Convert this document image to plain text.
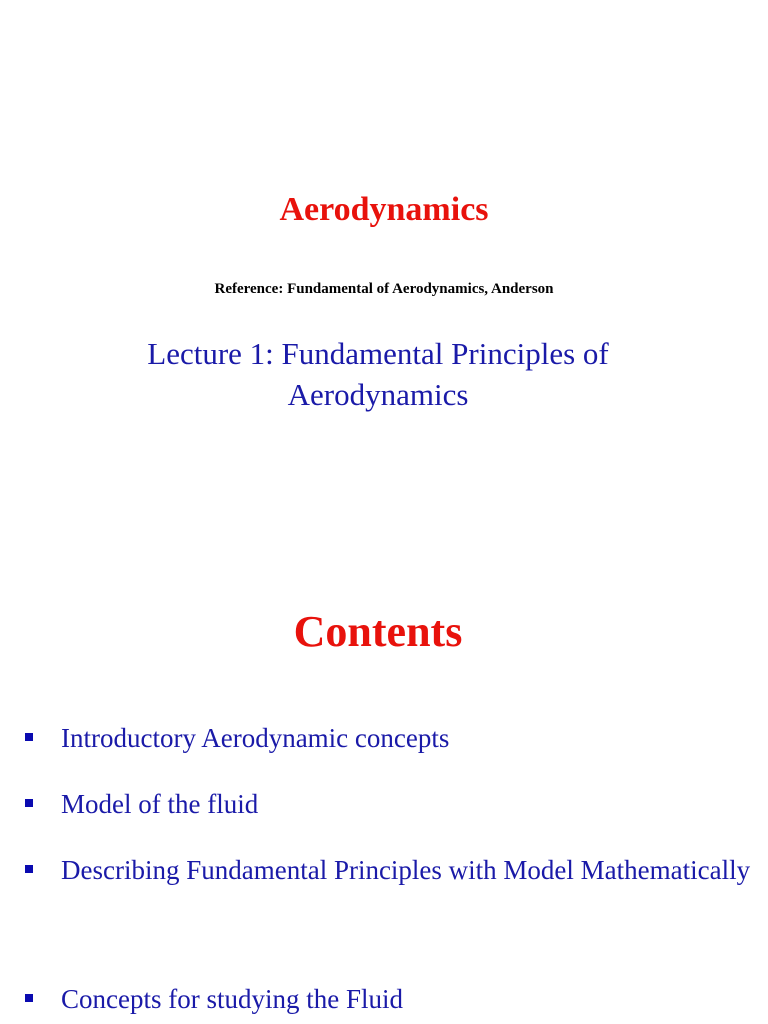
Aerodynamics
Reference: Fundamental of Aerodynamics, Anderson
Lecture 1: Fundamental Principles of
Aerodynamics
Contents
Introductory Aerodynamic concepts
Model of the fluid
Describing Fundamental Principles with Model Mathematically
Concepts for studying the Fluid
